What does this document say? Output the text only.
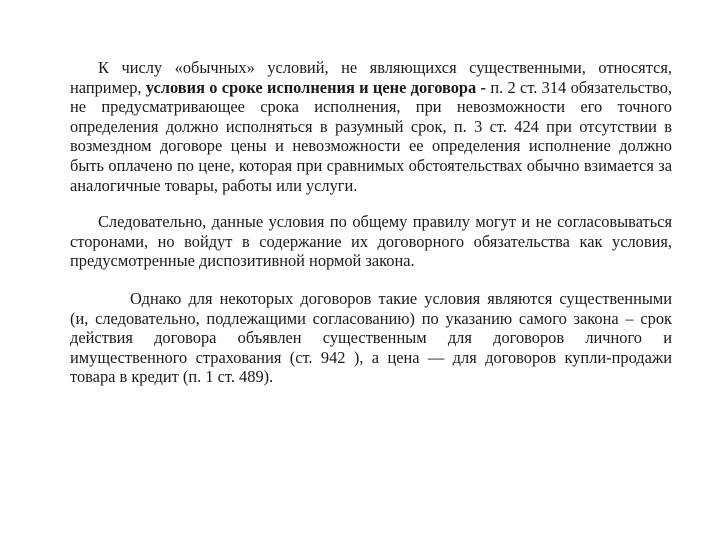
К числу «обычных» условий, не являющихся существенными, относятся, например, условия о сроке исполнения и цене договора - п. 2 ст. 314 обязательство, не предусматривающее срока исполнения, при невозможности его точного определения должно исполняться в разумный срок, п. 3 ст. 424 при отсутствии в возмездном договоре цены и невозможности ее определения исполнение должно быть оплачено по цене, которая при сравнимых обстоятельствах обычно взимается за аналогичные товары, работы или услуги.

Следовательно, данные условия по общему правилу могут и не согласовываться сторонами, но войдут в содержание их договорного обязательства как условия, предусмотренные диспозитивной нормой закона.

Однако для некоторых договоров такие условия являются существенными (и, следовательно, подлежащими согласованию) по указанию самого закона – срок действия договора объявлен существенным для договоров личного и имущественного страхования (ст. 942 ), а цена — для договоров купли-продажи товара в кредит (п. 1 ст. 489).
